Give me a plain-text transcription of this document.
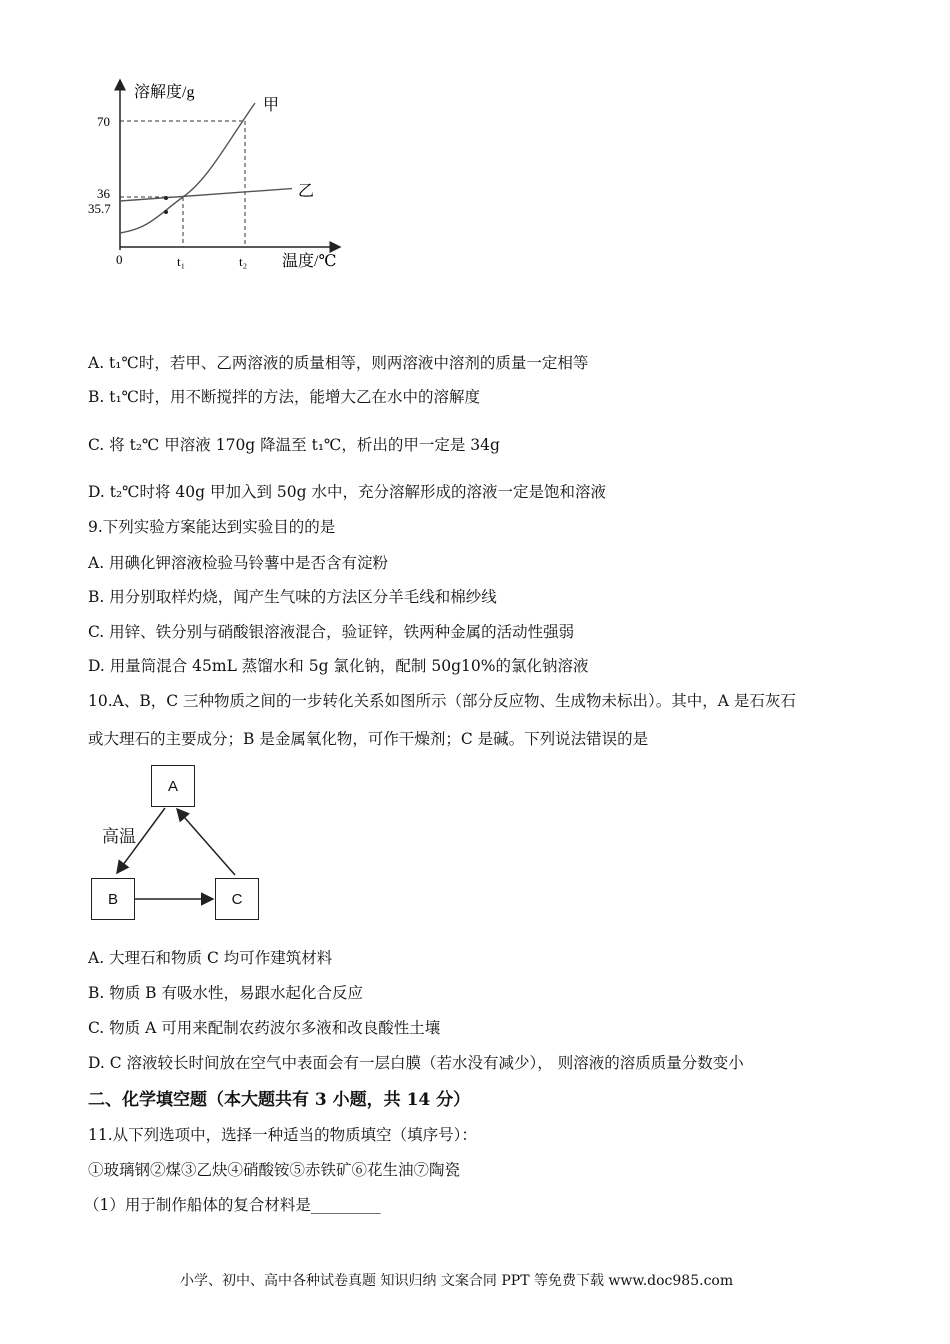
溶解度/g
温度/℃
0	t₁	t₂
70
36
35.7
甲
乙
A. t₁℃时，若甲、乙两溶液的质量相等，则两溶液中溶剂的质量一定相等
B. t₁℃时，用不断搅拌的方法，能增大乙在水中的溶解度
C. 将 t₂℃ 甲溶液 170g 降温至 t₁℃，析出的甲一定是 34g
D. t₂℃时将 40g 甲加入到 50g 水中，充分溶解形成的溶液一定是饱和溶液
9.下列实验方案能达到实验目的的是
A. 用碘化钾溶液检验马铃薯中是否含有淀粉
B. 用分别取样灼烧，闻产生气味的方法区分羊毛线和棉纱线
C. 用锌、铁分别与硝酸银溶液混合，验证锌，铁两种金属的活动性强弱
D. 用量筒混合 45mL 蒸馏水和 5g 氯化钠，配制 50g10%的氯化钠溶液
10.A、B，C 三种物质之间的一步转化关系如图所示（部分反应物、生成物未标出）。其中，A 是石灰石
或大理石的主要成分；B 是金属氧化物，可作干燥剂；C 是碱。下列说法错误的是
A
B	C
高温
A. 大理石和物质 C 均可作建筑材料
B. 物质 B 有吸水性，易跟水起化合反应
C. 物质 A 可用来配制农药波尔多液和改良酸性土壤
D. C 溶液较长时间放在空气中表面会有一层白膜（若水没有减少）， 则溶液的溶质质量分数变小
二、化学填空题（本大题共有 3 小题，共 14 分）
11.从下列选项中，选择一种适当的物质填空（填序号）：
①玻璃钢②煤③乙炔④硝酸铵⑤赤铁矿⑥花生油⑦陶瓷
（1）用于制作船体的复合材料是_________
小学、初中、高中各种试卷真题 知识归纳 文案合同 PPT 等免费下载 www.doc985.com
